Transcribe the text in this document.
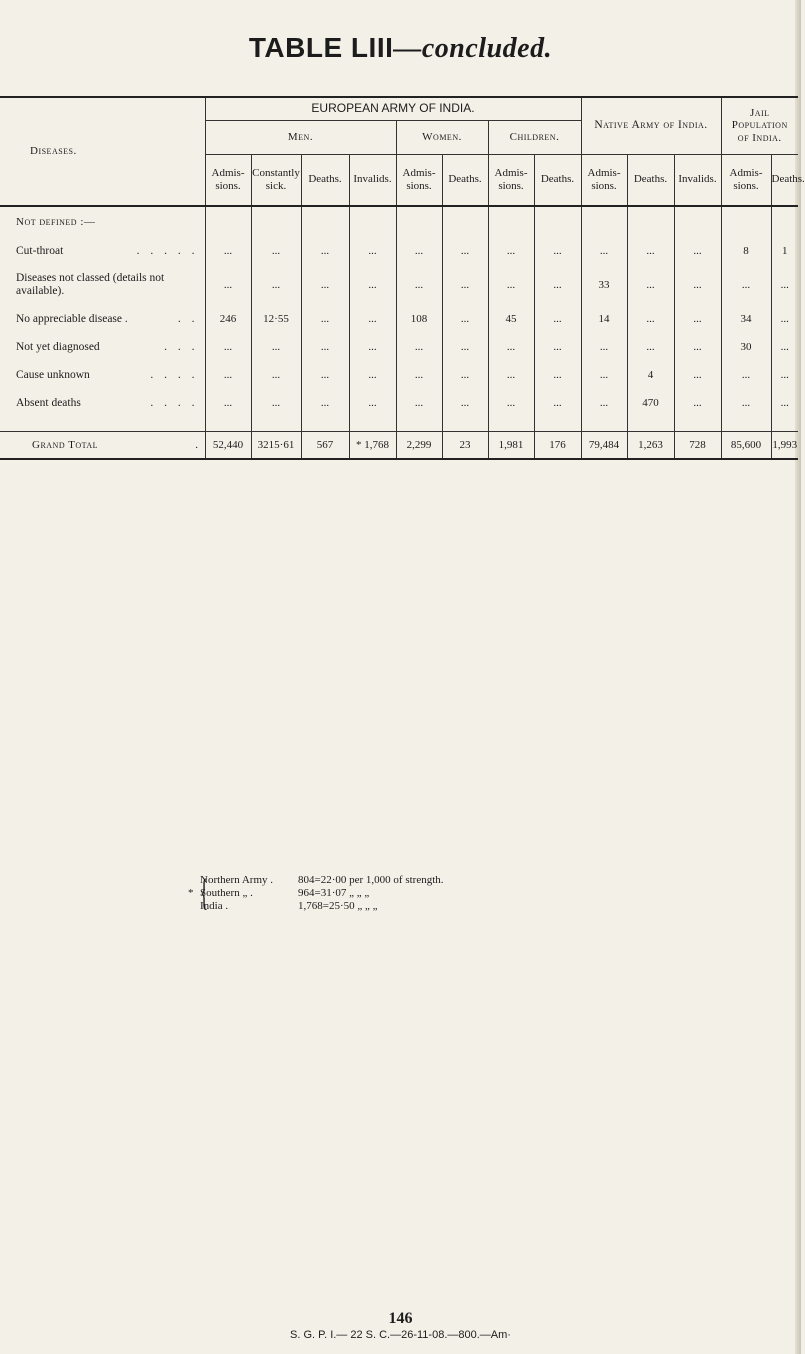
TABLE LIII—concluded.

Diseases.	EUROPEAN ARMY OF INDIA.								Native Army of India.			Jail Population of India.	
	Men.				Women.		Children.						
	Admis-sions.	Constantly sick.	Deaths.	Invalids.	Admis-sions.	Deaths.	Admis-sions.	Deaths.	Admis-sions.	Deaths.	Invalids.	Admis-sions.	Deaths.

Not defined :—													
Cut-throat . . . . .	...	...	...	...	...	...	...	...	...	...	...	8	1
Diseases not classed (details not available).	...	...	...	...	...	...	...	...	33	...	...	...	...
No appreciable disease . . .	246	12·55	...	...	108	...	45	...	14	...	...	34	...
Not yet diagnosed . . .	...	...	...	...	...	...	...	...	...	...	...	30	...
Cause unknown . . . .	...	...	...	...	...	...	...	...	...	4	...	...	...
Absent deaths . . . .	...	...	...	...	...	...	...	...	...	470	...	...	...

Grand Total .	52,440	3215·61	567	* 1,768	2,299	23	1,981	176	79,484	1,263	728	85,600	1,993
* {
Northern Army .	804=22·00 per 1,000 of strength.
Southern „ .	964=31·07 „ „ „
India .	1,768=25·50 „ „ „
146
S. G. P. I.— 22 S. C.—26-11-08.—800.—Am·
